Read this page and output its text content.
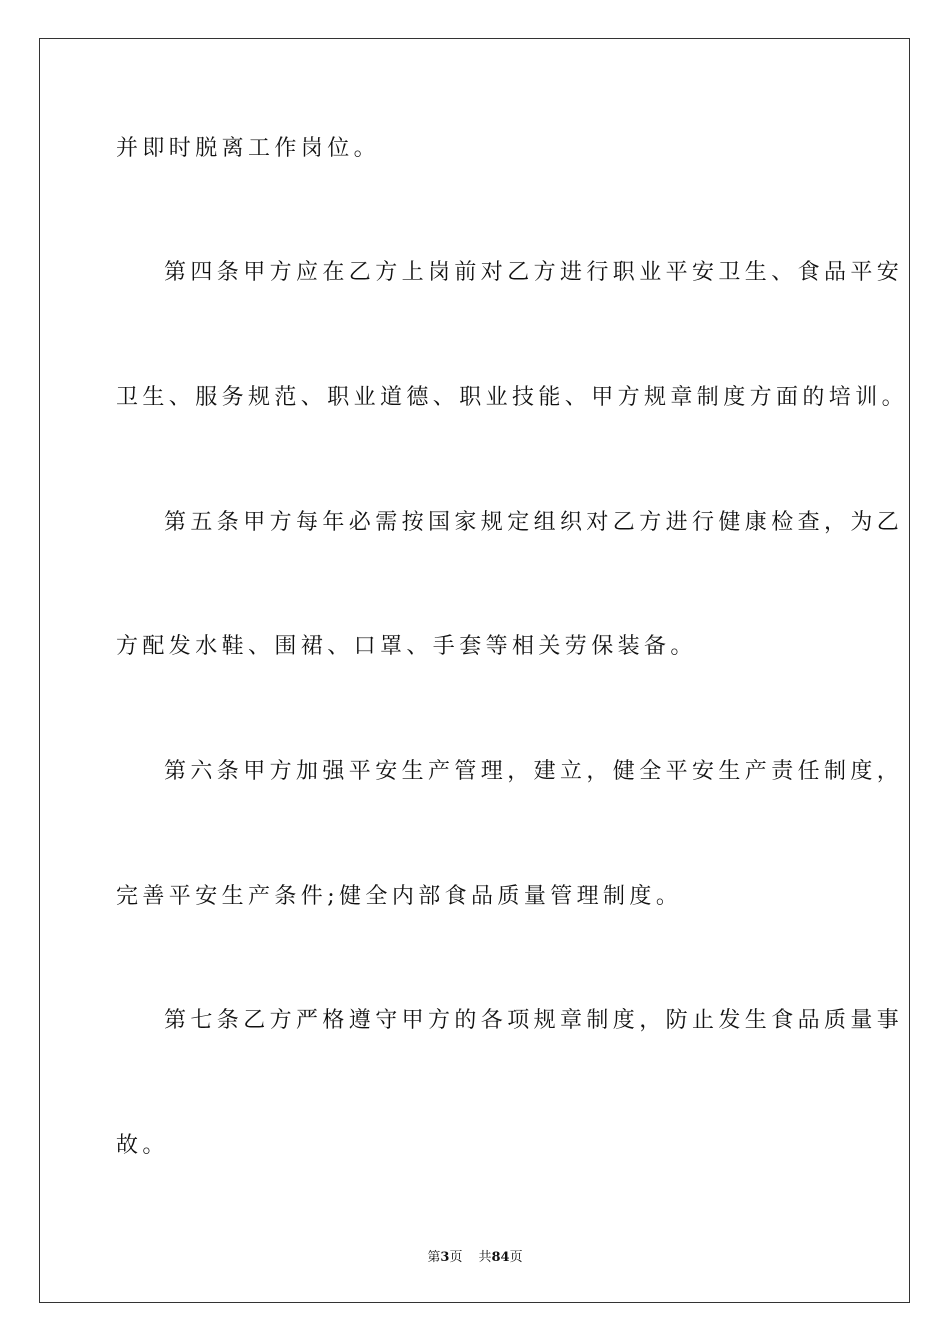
并即时脱离工作岗位。
第四条甲方应在乙方上岗前对乙方进行职业平安卫生、食品平安
卫生、服务规范、职业道德、职业技能、甲方规章制度方面的培训。
第五条甲方每年必需按国家规定组织对乙方进行健康检查，为乙
方配发水鞋、围裙、口罩、手套等相关劳保装备。
第六条甲方加强平安生产管理，建立，健全平安生产责任制度，
完善平安生产条件;健全内部食品质量管理制度。
第七条乙方严格遵守甲方的各项规章制度，防止发生食品质量事
故。
第3页 共84页
